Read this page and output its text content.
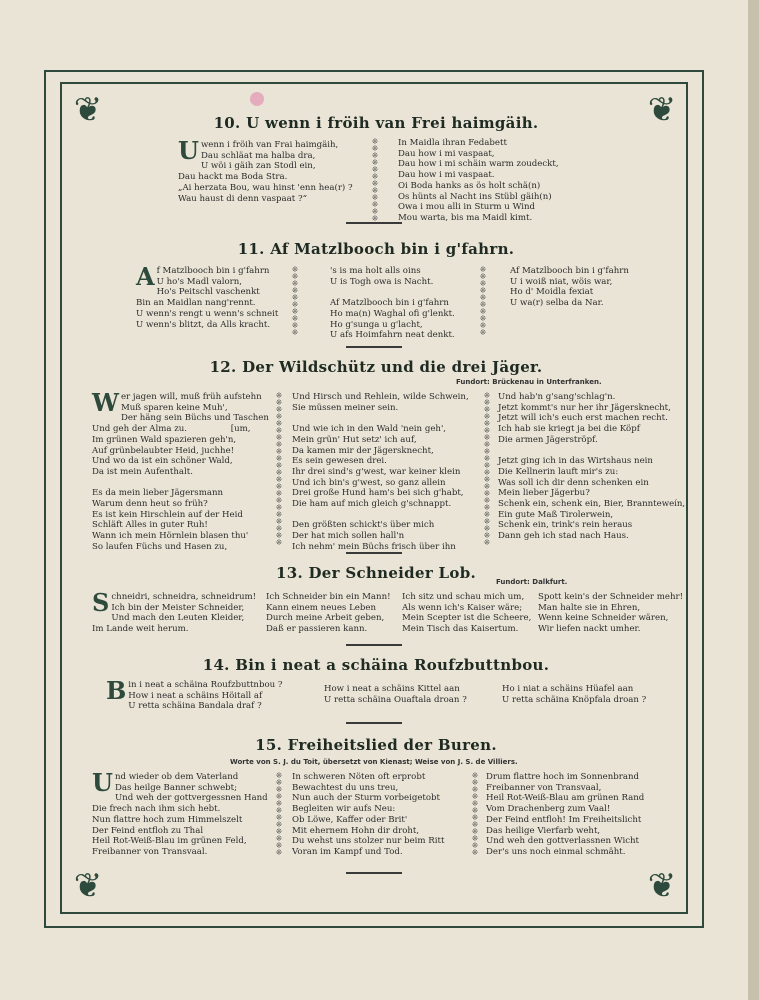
❦	❦
❦	❦
10. U wenn i fröih van Frei haimgäih.
Uwenn i fröih van Frai haimgäih,
Dau schläat ma halba dra,
U wöi i gäih zan Stodl ein,
Dau hackt ma Boda Stra.
„Ai herzata Bou, wau hinst 'enn hea(r) ?
Wau haust di denn vaspaat ?“
⁜
⁜
⁜
⁜
⁜
⁜
⁜
⁜
⁜
⁜
⁜
⁜
In Maidla ihran Fedabett
Dau how i mi vaspaat,
Dau how i mi schäin warm zoudeckt,
Dau how i mi vaspaat.
Oi Boda hanks as ös holt schä(n)
Os hünts al Nacht ins Stübl gäih(n)
Owa i mou alli in Sturm u Wind
Mou warta, bis ma Maidl kimt.
11. Af Matzlbooch bin i g'fahrn.
Af Matzlbooch bin i g'fahrn
U ho's Madl valorn,
Ho's Peitschl vaschenkt
Bin an Maidlan nang'rennt.
U wenn's rengt u wenn's schneit
U wenn's blitzt, da Alls kracht.
⁜
⁜
⁜
⁜
⁜
⁜
⁜
⁜
⁜
⁜
's is ma holt alls oins
U is Togh owa is Nacht.

Af Matzlbooch bin i g'fahrn
Ho ma(n) Waghal ofi g'lenkt.
Ho g'sunga u g'lacht,
U afs Hoimfahrn neat denkt.
⁜
⁜
⁜
⁜
⁜
⁜
⁜
⁜
⁜
⁜
Af Matzlbooch bin i g'fahrn
U i woiß niat, wöis war,
Ho d' Moidla fexiat
U wa(r) selba da Nar.
12. Der Wildschütz und die drei Jäger.
Fundort: Brückenau in Unterfranken.
Wer jagen will, muß früh aufstehn
Muß sparen keine Muh',
Der häng sein Büchs und Taschen
Und geh der Alma zu.                [um,
Im grünen Wald spazieren geh'n,
Auf grünbelaubter Heid, juchhe!
Und wo da ist ein schöner Wald,
Da ist mein Aufenthalt.

Es da mein lieber Jägersmann
Warum denn heut so früh?
Es ist kein Hirschlein auf der Heid
Schläft Alles in guter Ruh!
Wann ich mein Hörnlein blasen thu'
So laufen Füchs und Hasen zu,
⁜
⁜
⁜
⁜
⁜
⁜
⁜
⁜
⁜
⁜
⁜
⁜
⁜
⁜
⁜
⁜
⁜
⁜
⁜
⁜
⁜
⁜
Und Hirsch und Rehlein, wilde Schwein,
Sie müssen meiner sein.

Und wie ich in den Wald 'nein geh',
Mein grün' Hut setz' ich auf,
Da kamen mir der Jägersknecht,
Es sein gewesen drei.
Ihr drei sind's g'west, war keiner klein
Und ich bin's g'west, so ganz allein
Drei große Hund ham's bei sich g'habt,
Die ham auf mich gleich g'schnappt.

Den größten schickt's über mich
Der hat mich sollen hall'n
Ich nehm' mein Büchs frisch über ihn
⁜
⁜
⁜
⁜
⁜
⁜
⁜
⁜
⁜
⁜
⁜
⁜
⁜
⁜
⁜
⁜
⁜
⁜
⁜
⁜
⁜
⁜
Und hab'n g'sang'schlag'n.
Jetzt kommt's nur her ihr Jägersknecht,
Jetzt will ich's euch erst machen recht.
Ich hab sie kriegt ja bei die Köpf
Die armen Jägerströpf.

Jetzt ging ich in das Wirtshaus nein
Die Kellnerin lauft mir's zu:
Was soll ich dir denn schenken ein
Mein lieber Jägerbu?
Schenk ein, schenk ein, Bier, Brannteweín,
Ein gute Maß Tirolerwein,
Schenk ein, trink's rein heraus
Dann geh ich stad nach Haus.
13. Der Schneider Lob.	Fundort: Dalkfurt.
Schneidri, schneidra, schneidrum!
Ich bin der Meister Schneider,
Und mach den Leuten Kleider,
Im Lande weit herum.
Ich Schneider bin ein Mann!
Kann einem neues Leben
Durch meine Arbeit geben,
Daß er passieren kann.
Ich sitz und schau mich um,
Als wenn ich's Kaiser wäre;
Mein Scepter ist die Scheere,
Mein Tisch das Kaisertum.
Spott kein's der Schneider mehr!
Man halte sie in Ehren,
Wenn keine Schneider wären,
Wir liefen nackt umher.
14. Bin i neat a schäina Roufzbuttnbou.
Bin i neat a schäina Roufzbuttnbou ?
How i neat a schäins Höitall af
U retta schäina Bandala draf ?
How i neat a schäins Kittel aan
U retta schäina Ouaftala droan ?
Ho i niat a schäins Hüafel aan
U retta schäina Knöpfala droan ?
15. Freiheitslied der Buren.
Worte von S. J. du Toit, übersetzt von Kienast; Weise von J. S. de Villiers.
Und wieder ob dem Vaterland
Das heilge Banner schwebt;
Und weh der gottvergessnen Hand
Die frech nach ihm sich hebt.
Nun flattre hoch zum Himmelszelt
Der Feind entfloh zu Thal
Heil Rot-Weiß-Blau im grünen Feld,
Freibanner von Transvaal.
⁜
⁜
⁜
⁜
⁜
⁜
⁜
⁜
⁜
⁜
⁜
⁜
In schweren Nöten oft erprobt
Bewachtest du uns treu,
Nun auch der Sturm vorbeigetobt
Begleiten wir aufs Neu:
Ob Löwe, Kaffer oder Brit'
Mit ehernem Hohn dir droht,
Du wehst uns stolzer nur beim Ritt
Voran im Kampf und Tod.
⁜
⁜
⁜
⁜
⁜
⁜
⁜
⁜
⁜
⁜
⁜
⁜
Drum flattre hoch im Sonnenbrand
Freibanner von Transvaal,
Heil Rot-Weiß-Blau am grünen Rand
Vom Drachenberg zum Vaal!
Der Feind entfloh! Im Freiheitslicht
Das heilige Vierfarb weht,
Und weh den gottverlassnen Wicht
Der's uns noch einmal schmäht.
